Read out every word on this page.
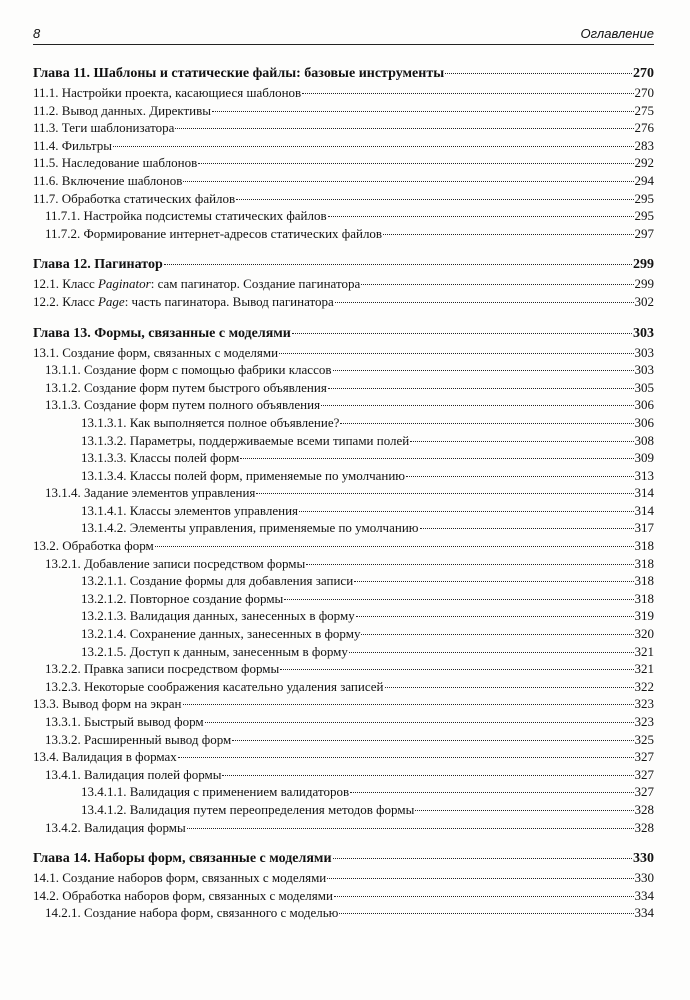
8	Оглавление
Глава 11. Шаблоны и статические файлы: базовые инструменты	270
11.1. Настройки проекта, касающиеся шаблонов	270
11.2. Вывод данных. Директивы	275
11.3. Теги шаблонизатора	276
11.4. Фильтры	283
11.5. Наследование шаблонов	292
11.6. Включение шаблонов	294
11.7. Обработка статических файлов	295
11.7.1. Настройка подсистемы статических файлов	295
11.7.2. Формирование интернет-адресов статических файлов	297
Глава 12. Пагинатор	299
12.1. Класс Paginator: сам пагинатор. Создание пагинатора	299
12.2. Класс Page: часть пагинатора. Вывод пагинатора	302
Глава 13. Формы, связанные с моделями	303
13.1. Создание форм, связанных с моделями	303
13.1.1. Создание форм с помощью фабрики классов	303
13.1.2. Создание форм путем быстрого объявления	305
13.1.3. Создание форм путем полного объявления	306
13.1.3.1. Как выполняется полное объявление?	306
13.1.3.2. Параметры, поддерживаемые всеми типами полей	308
13.1.3.3. Классы полей форм	309
13.1.3.4. Классы полей форм, применяемые по умолчанию	313
13.1.4. Задание элементов управления	314
13.1.4.1. Классы элементов управления	314
13.1.4.2. Элементы управления, применяемые по умолчанию	317
13.2. Обработка форм	318
13.2.1. Добавление записи посредством формы	318
13.2.1.1. Создание формы для добавления записи	318
13.2.1.2. Повторное создание формы	318
13.2.1.3. Валидация данных, занесенных в форму	319
13.2.1.4. Сохранение данных, занесенных в форму	320
13.2.1.5. Доступ к данным, занесенным в форму	321
13.2.2. Правка записи посредством формы	321
13.2.3. Некоторые соображения касательно удаления записей	322
13.3. Вывод форм на экран	323
13.3.1. Быстрый вывод форм	323
13.3.2. Расширенный вывод форм	325
13.4. Валидация в формах	327
13.4.1. Валидация полей формы	327
13.4.1.1. Валидация с применением валидаторов	327
13.4.1.2. Валидация путем переопределения методов формы	328
13.4.2. Валидация формы	328
Глава 14. Наборы форм, связанные с моделями	330
14.1. Создание наборов форм, связанных с моделями	330
14.2. Обработка наборов форм, связанных с моделями	334
14.2.1. Создание набора форм, связанного с моделью	334
